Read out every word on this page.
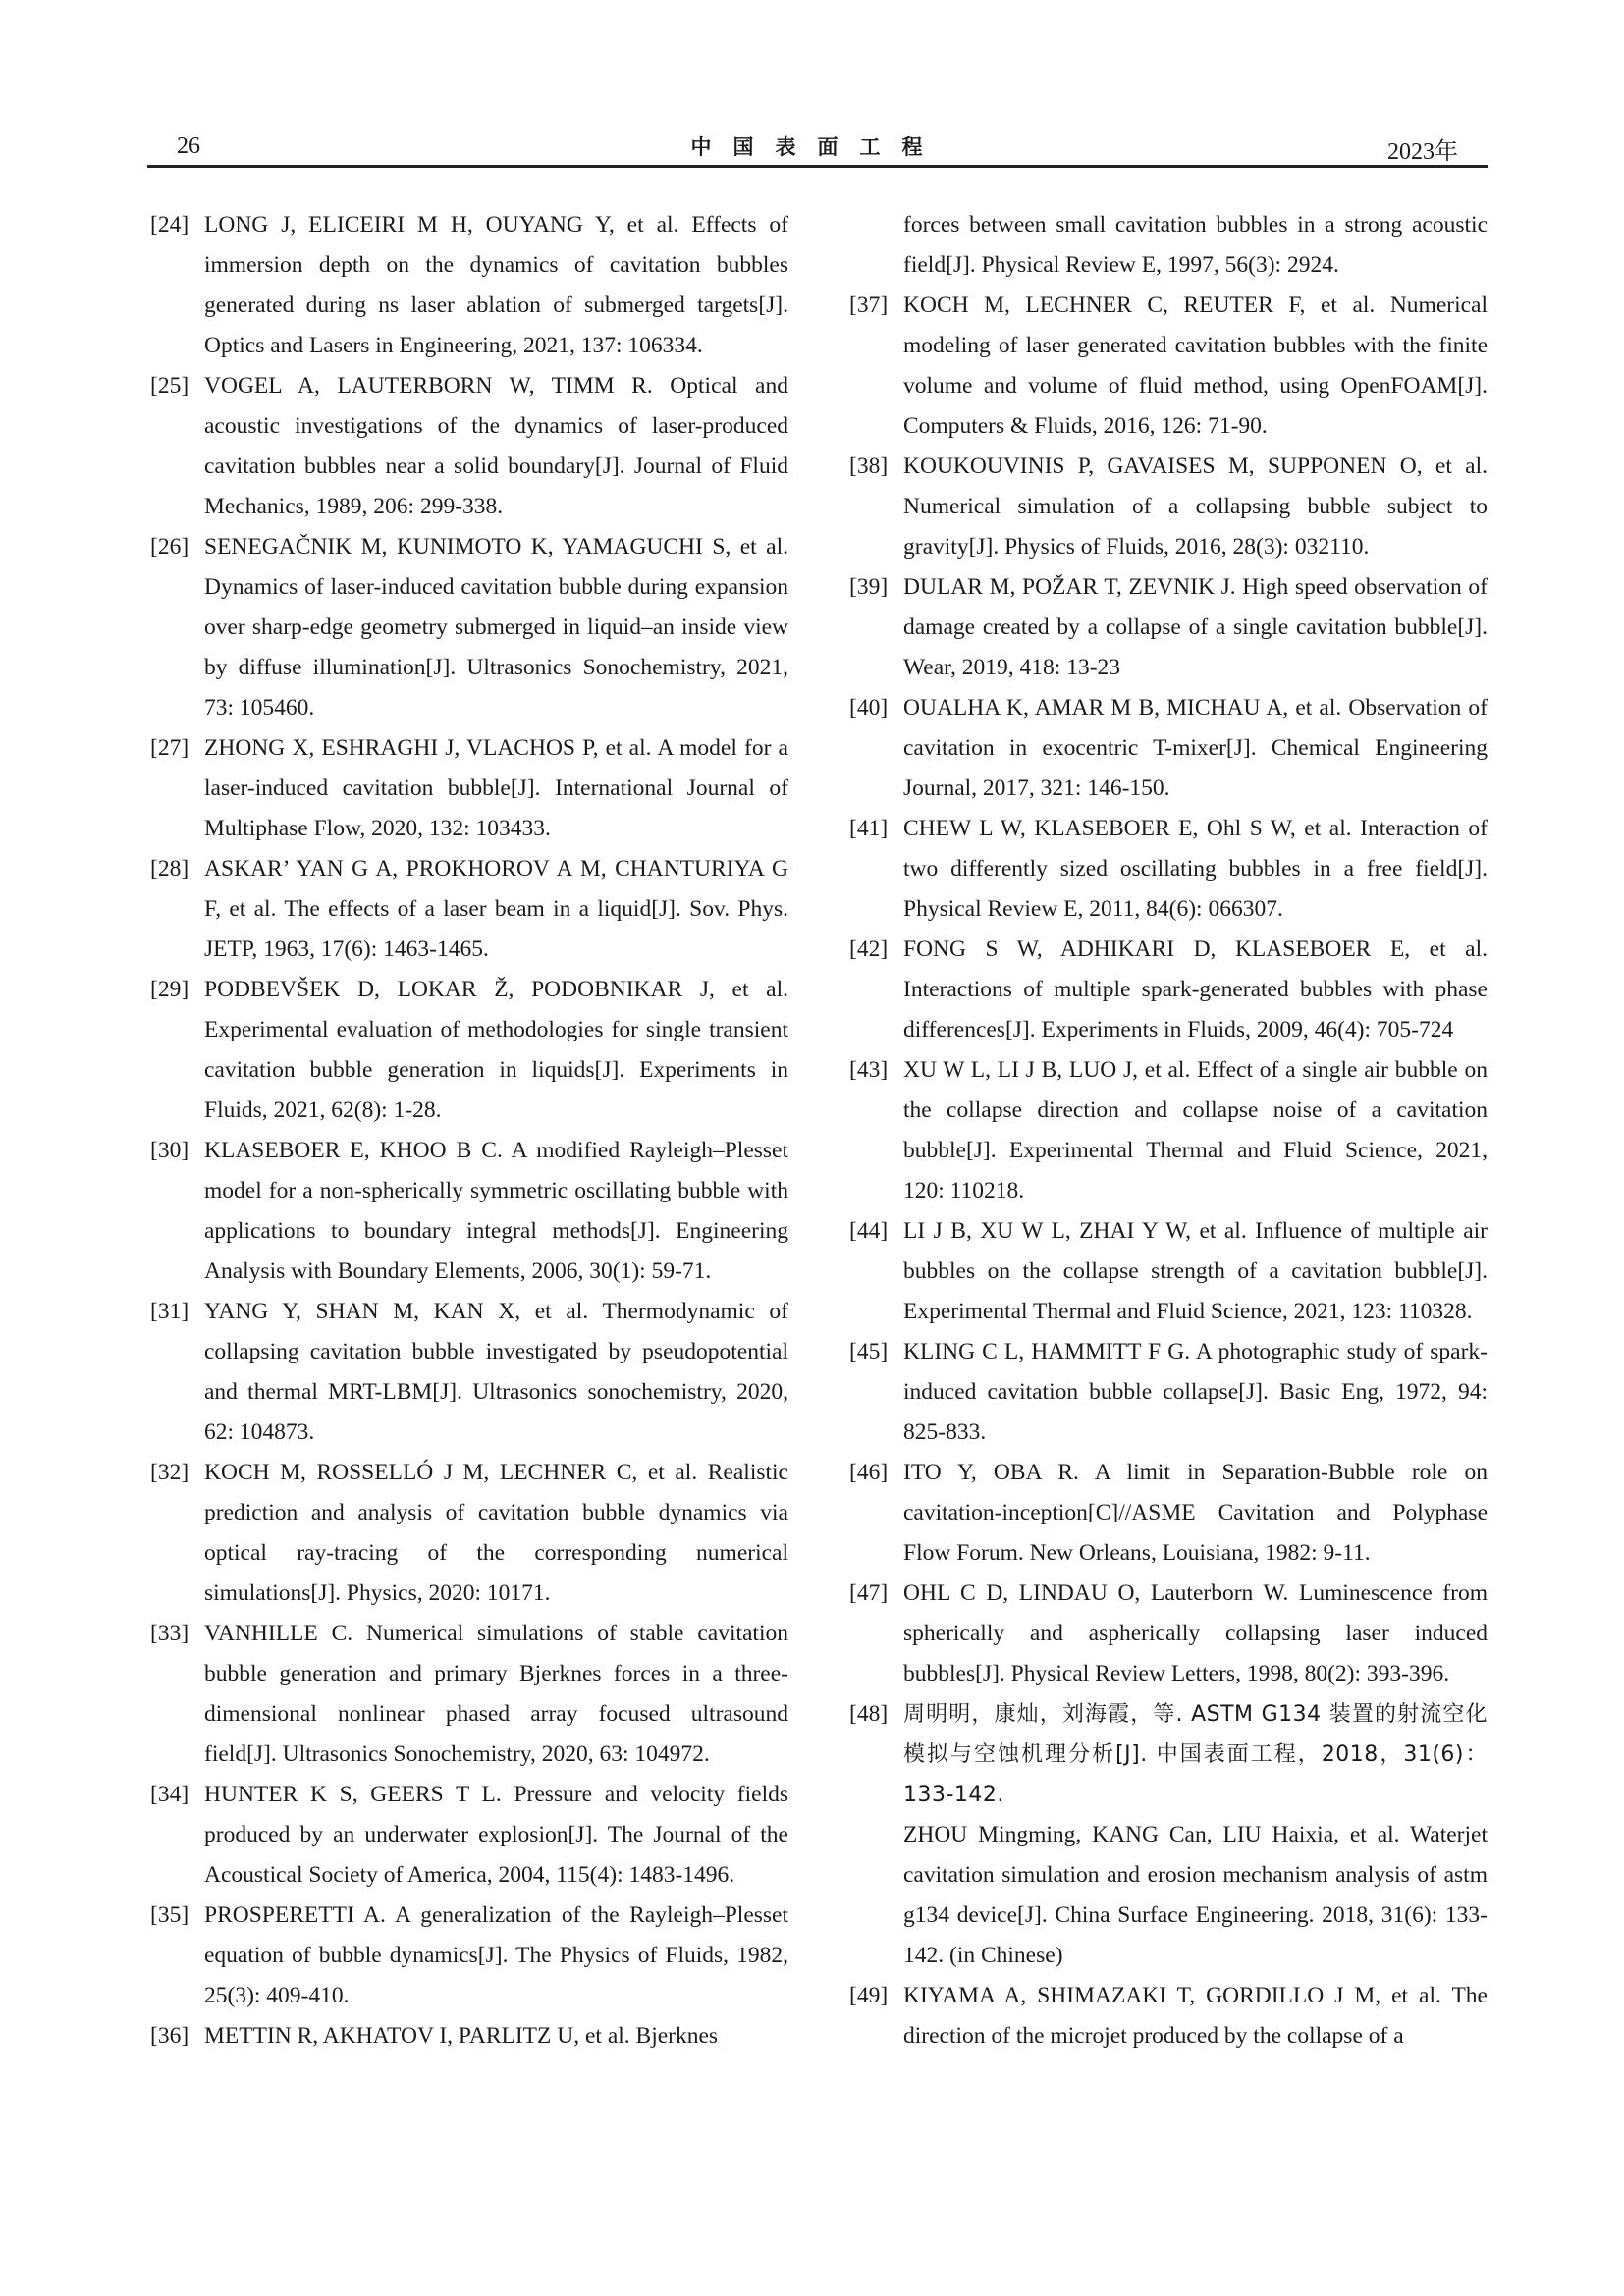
26	中国表面工程	2023年
[24] LONG J, ELICEIRI M H, OUYANG Y, et al. Effects of immersion depth on the dynamics of cavitation bubbles generated during ns laser ablation of submerged targets[J]. Optics and Lasers in Engineering, 2021, 137: 106334.
[25] VOGEL A, LAUTERBORN W, TIMM R. Optical and acoustic investigations of the dynamics of laser-produced cavitation bubbles near a solid boundary[J]. Journal of Fluid Mechanics, 1989, 206: 299-338.
[26] SENEGAČNIK M, KUNIMOTO K, YAMAGUCHI S, et al. Dynamics of laser-induced cavitation bubble during expansion over sharp-edge geometry submerged in liquid–an inside view by diffuse illumination[J]. Ultrasonics Sonochemistry, 2021, 73: 105460.
[27] ZHONG X, ESHRAGHI J, VLACHOS P, et al. A model for a laser-induced cavitation bubble[J]. International Journal of Multiphase Flow, 2020, 132: 103433.
[28] ASKAR’ YAN G A, PROKHOROV A M, CHANTURIYA G F, et al. The effects of a laser beam in a liquid[J]. Sov. Phys. JETP, 1963, 17(6): 1463-1465.
[29] PODBEVŠEK D, LOKAR Ž, PODOBNIKAR J, et al. Experimental evaluation of methodologies for single transient cavitation bubble generation in liquids[J]. Experiments in Fluids, 2021, 62(8): 1-28.
[30] KLASEBOER E, KHOO B C. A modified Rayleigh–Plesset model for a non-spherically symmetric oscillating bubble with applications to boundary integral methods[J]. Engineering Analysis with Boundary Elements, 2006, 30(1): 59-71.
[31] YANG Y, SHAN M, KAN X, et al. Thermodynamic of collapsing cavitation bubble investigated by pseudopotential and thermal MRT-LBM[J]. Ultrasonics sonochemistry, 2020, 62: 104873.
[32] KOCH M, ROSSELLÓ J M, LECHNER C, et al. Realistic prediction and analysis of cavitation bubble dynamics via optical ray-tracing of the corresponding numerical simulations[J]. Physics, 2020: 10171.
[33] VANHILLE C. Numerical simulations of stable cavitation bubble generation and primary Bjerknes forces in a three-dimensional nonlinear phased array focused ultrasound field[J]. Ultrasonics Sonochemistry, 2020, 63: 104972.
[34] HUNTER K S, GEERS T L. Pressure and velocity fields produced by an underwater explosion[J]. The Journal of the Acoustical Society of America, 2004, 115(4): 1483-1496.
[35] PROSPERETTI A. A generalization of the Rayleigh–Plesset equation of bubble dynamics[J]. The Physics of Fluids, 1982, 25(3): 409-410.
[36] METTIN R, AKHATOV I, PARLITZ U, et al. Bjerknes
forces between small cavitation bubbles in a strong acoustic field[J]. Physical Review E, 1997, 56(3): 2924.
[37] KOCH M, LECHNER C, REUTER F, et al. Numerical modeling of laser generated cavitation bubbles with the finite volume and volume of fluid method, using OpenFOAM[J]. Computers & Fluids, 2016, 126: 71-90.
[38] KOUKOUVINIS P, GAVAISES M, SUPPONEN O, et al. Numerical simulation of a collapsing bubble subject to gravity[J]. Physics of Fluids, 2016, 28(3): 032110.
[39] DULAR M, POŽAR T, ZEVNIK J. High speed observation of damage created by a collapse of a single cavitation bubble[J]. Wear, 2019, 418: 13-23
[40] OUALHA K, AMAR M B, MICHAU A, et al. Observation of cavitation in exocentric T-mixer[J]. Chemical Engineering Journal, 2017, 321: 146-150.
[41] CHEW L W, KLASEBOER E, Ohl S W, et al. Interaction of two differently sized oscillating bubbles in a free field[J]. Physical Review E, 2011, 84(6): 066307.
[42] FONG S W, ADHIKARI D, KLASEBOER E, et al. Interactions of multiple spark-generated bubbles with phase differences[J]. Experiments in Fluids, 2009, 46(4): 705-724
[43] XU W L, LI J B, LUO J, et al. Effect of a single air bubble on the collapse direction and collapse noise of a cavitation bubble[J]. Experimental Thermal and Fluid Science, 2021, 120: 110218.
[44] LI J B, XU W L, ZHAI Y W, et al. Influence of multiple air bubbles on the collapse strength of a cavitation bubble[J]. Experimental Thermal and Fluid Science, 2021, 123: 110328.
[45] KLING C L, HAMMITT F G. A photographic study of spark-induced cavitation bubble collapse[J]. Basic Eng, 1972, 94: 825-833.
[46] ITO Y, OBA R. A limit in Separation-Bubble role on cavitation-inception[C]//ASME Cavitation and Polyphase Flow Forum. New Orleans, Louisiana, 1982: 9-11.
[47] OHL C D, LINDAU O, Lauterborn W. Luminescence from spherically and aspherically collapsing laser induced bubbles[J]. Physical Review Letters, 1998, 80(2): 393-396.
[48] 周明明，康灿，刘海霞，等. ASTM G134 装置的射流空化模拟与空蚀机理分析[J]. 中国表面工程，2018，31(6)：133-142.
ZHOU Mingming, KANG Can, LIU Haixia, et al. Waterjet cavitation simulation and erosion mechanism analysis of astm g134 device[J]. China Surface Engineering. 2018, 31(6): 133-142. (in Chinese)
[49] KIYAMA A, SHIMAZAKI T, GORDILLO J M, et al. The direction of the microjet produced by the collapse of a
